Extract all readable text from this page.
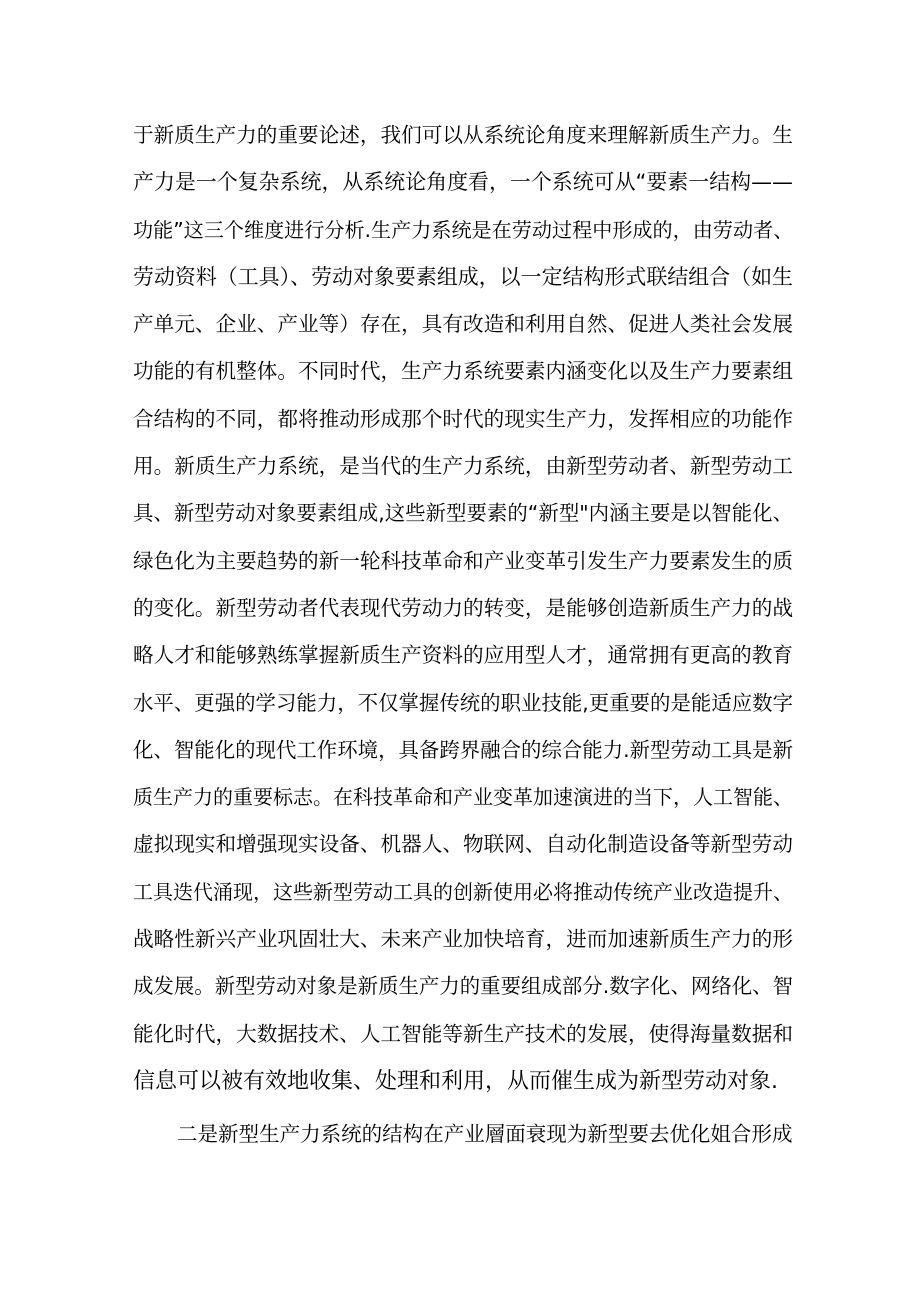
于新质生产力的重要论述，我们可以从系统论角度来理解新质生产力。生
产力是一个复杂系统，从系统论角度看，一个系统可从“要素一结构——
功能”这三个维度进行分析.生产力系统是在劳动过程中形成的，由劳动者、
劳动资料（工具）、劳动对象要素组成，以一定结构形式联结组合（如生
产单元、企业、产业等）存在，具有改造和利用自然、促进人类社会发展
功能的有机整体。不同时代，生产力系统要素内涵变化以及生产力要素组
合结构的不同，都将推动形成那个时代的现实生产力，发挥相应的功能作
用。新质生产力系统，是当代的生产力系统，由新型劳动者、新型劳动工
具、新型劳动对象要素组成,这些新型要素的“新型"内涵主要是以智能化、
绿色化为主要趋势的新一轮科技革命和产业变革引发生产力要素发生的质
的变化。新型劳动者代表现代劳动力的转变，是能够创造新质生产力的战
略人才和能够熟练掌握新质生产资料的应用型人才，通常拥有更高的教育
水平、更强的学习能力，不仅掌握传统的职业技能,更重要的是能适应数字
化、智能化的现代工作环境，具备跨界融合的综合能力.新型劳动工具是新
质生产力的重要标志。在科技革命和产业变革加速演进的当下，人工智能、
虚拟现实和增强现实设备、机器人、物联网、自动化制造设备等新型劳动
工具迭代涌现，这些新型劳动工具的创新使用必将推动传统产业改造提升、
战略性新兴产业巩固壮大、未来产业加快培育，进而加速新质生产力的形
成发展。新型劳动对象是新质生产力的重要组成部分.数字化、网络化、智
能化时代，大数据技术、人工智能等新生产技术的发展，使得海量数据和
信息可以被有效地收集、处理和利用，从而催生成为新型劳动对象.

二是新型生产力系统的结构在产业層面衰现为新型要去优化姐合形成
